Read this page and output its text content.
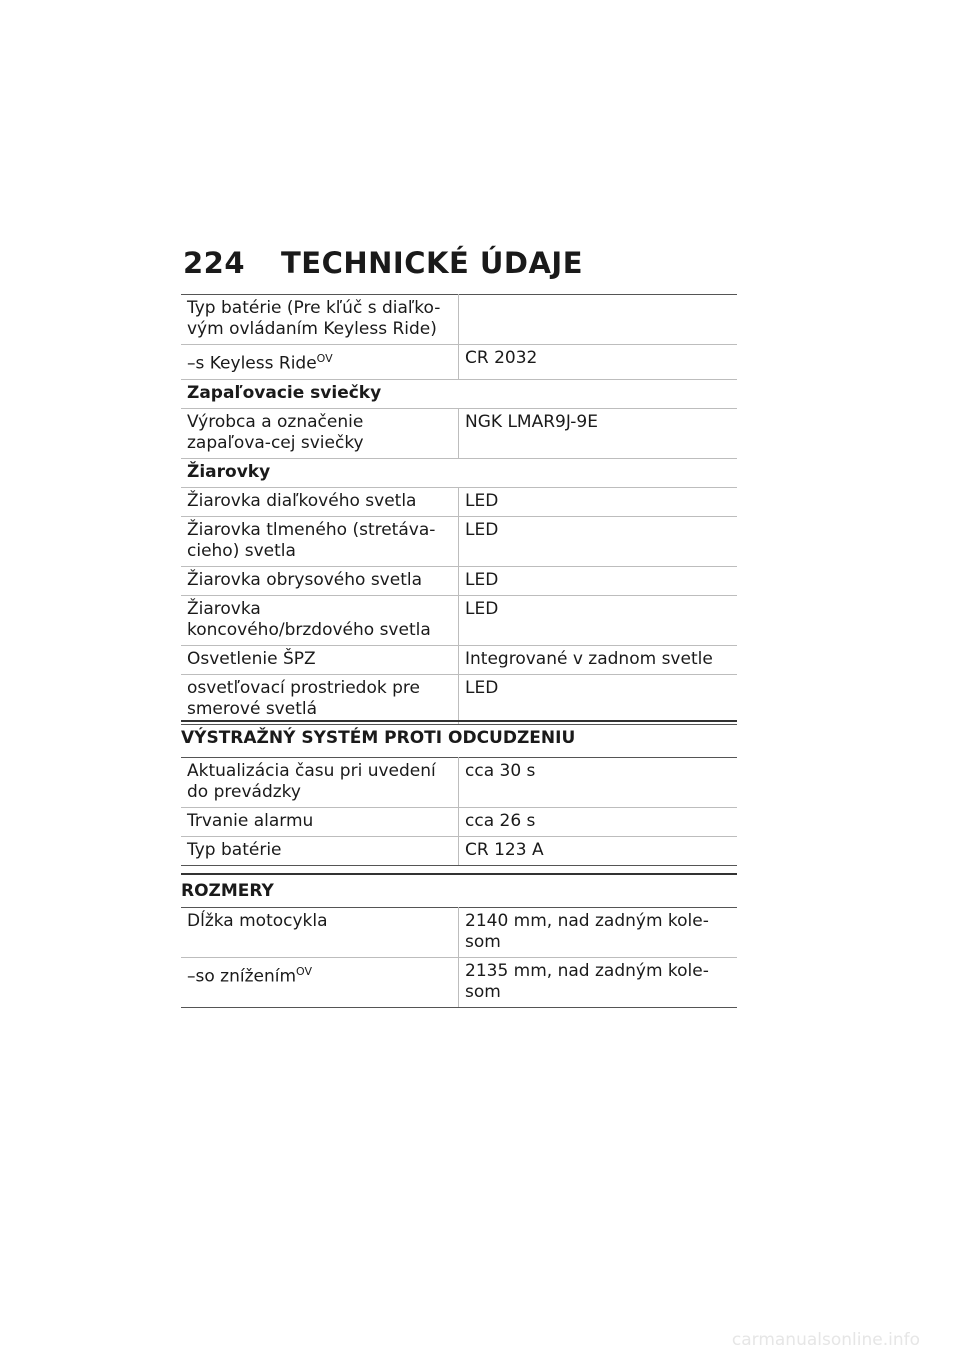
224 TECHNICKÉ ÚDAJE
Typ batérie (Pre kľúč s diaľko-vým ovládaním Keyless Ride)	
–s Keyless Ride$^{OV}$	CR 2032
Zapaľovacie sviečky	
Výrobca a označenie zapaľova-cej sviečky	NGK LMAR9J-9E
Žiarovky	
Žiarovka diaľkového svetla	LED
Žiarovka tlmeného (stretáva-cieho) svetla	LED
Žiarovka obrysového svetla	LED
Žiarovka koncového/brzdového svetla	LED
Osvetlenie ŠPZ	Integrované v zadnom svetle
osvetľovací prostriedok pre smerové svetlá	LED
VÝSTRAŽNÝ SYSTÉM PROTI ODCUDZENIU
Aktualizácia času pri uvedení do prevádzky	cca 30 s
Trvanie alarmu	cca 26 s
Typ batérie	CR 123 A
ROZMERY
Dĺžka motocykla	2140 mm, nad zadným kole-som
–so znížením$^{OV}$	2135 mm, nad zadným kole-som
carmanualsonline.info
